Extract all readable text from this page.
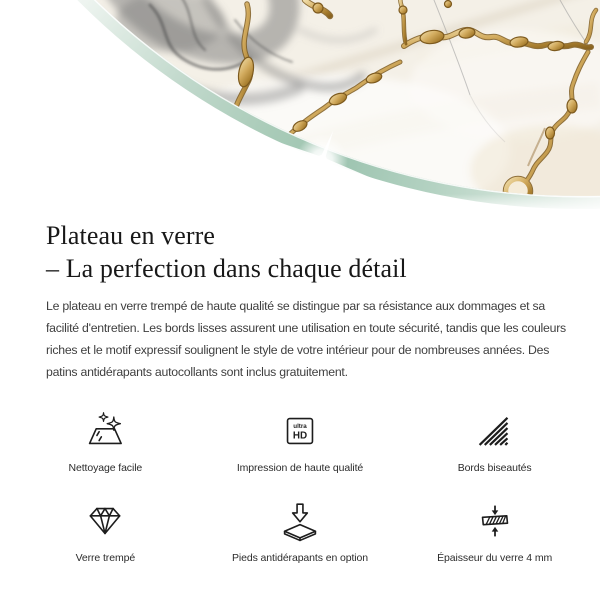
Plateau en verre
– La perfection dans chaque détail

Le plateau en verre trempé de haute qualité se distingue par sa résistance aux dommages et sa facilité d'entretien. Les bords lisses assurent une utilisation en toute sécurité, tandis que les couleurs riches et le motif expressif soulignent le style de votre intérieur pour de nombreuses années. Des patins antidérapants autocollants sont inclus gratuitement.

Nettoyage facile
ultra
HD
Impression de haute qualité	Bords biseautés
Verre trempé	Pieds antidérapants en option	Épaisseur du verre 4 mm
